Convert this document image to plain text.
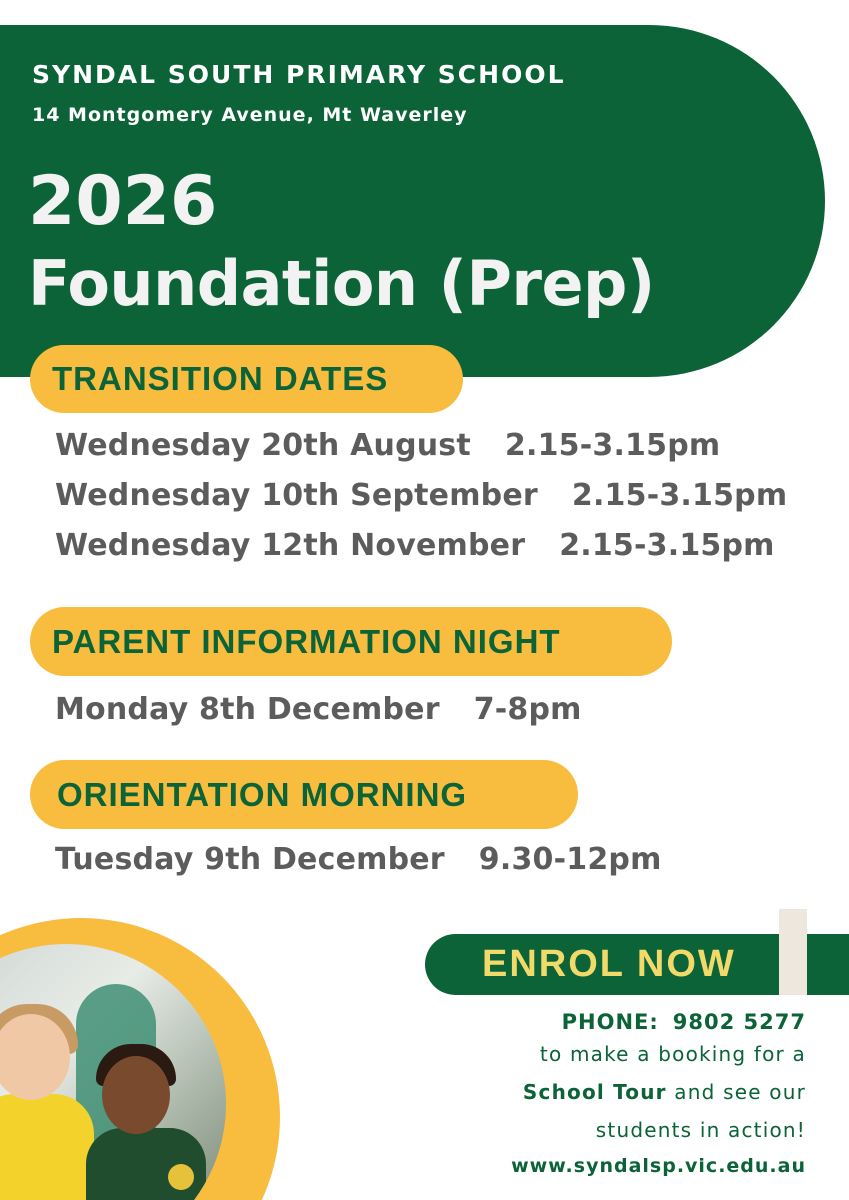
SYNDAL SOUTH PRIMARY SCHOOL
14 Montgomery Avenue, Mt Waverley
2026
Foundation (Prep)
TRANSITION DATES
Wednesday 20th August 2.15-3.15pm
Wednesday 10th September 2.15-3.15pm
Wednesday 12th November 2.15-3.15pm
PARENT INFORMATION NIGHT
Monday 8th December 7-8pm
ORIENTATION MORNING
Tuesday 9th December 9.30-12pm
ENROL NOW
PHONE: 9802 5277
to make a booking for a
School Tour and see our
students in action!
www.syndalsp.vic.edu.au
